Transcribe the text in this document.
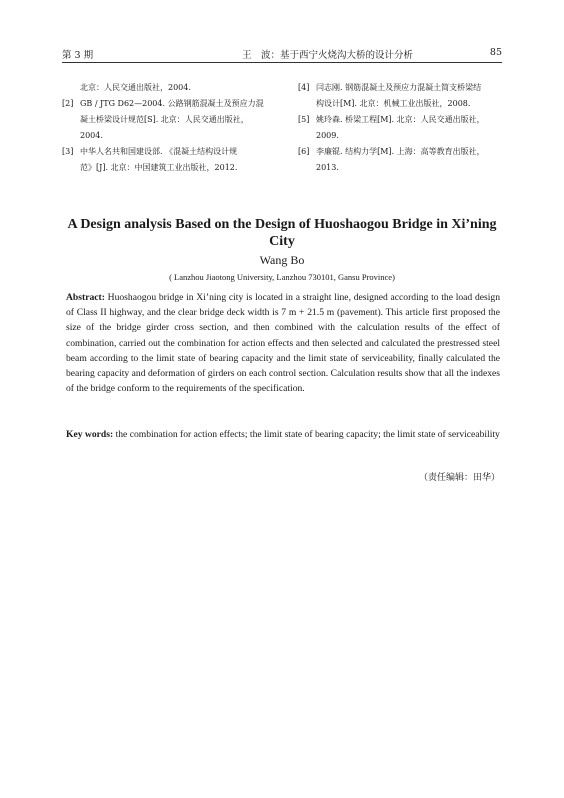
第 3 期	王　波：基于西宁火烧沟大桥的设计分析	85

北京：人民交通出版社，2004.

[2] GB / JTG D62—2004. 公路钢筋混凝土及预应力混

凝土桥梁设计规范[S]. 北京：人民交通出版社，

2004.

[3] 中华人名共和国建设部. 《混凝土结构设计规

范》[J]. 北京：中国建筑工业出版社，2012.

[4] 闫志刚. 钢筋混凝土及预应力混凝土简支桥梁结

构设计[M]. 北京：机械工业出版社，2008.

[5] 姚玲森. 桥梁工程[M]. 北京：人民交通出版社，

2009.

[6] 李廉锟. 结构力学[M]. 上海：高等教育出版社，

2013.

A Design analysis Based on the Design of Huoshaogou Bridge in Xi’ning City

Wang Bo

( Lanzhou Jiaotong University, Lanzhou 730101, Gansu Province)

Abstract: Huoshaogou bridge in Xi’ning city is located in a straight line, designed according to the load design of Class II highway, and the clear bridge deck width is 7 m + 21.5 m (pavement). This article first proposed the size of the bridge girder cross section, and then combined with the calculation results of the effect of combination, carried out the combination for action effects and then selected and calculated the prestressed steel beam according to the limit state of bearing capacity and the limit state of serviceability, finally calculated the bearing capacity and deformation of girders on each control section. Calculation results show that all the indexes of the bridge conform to the requirements of the specification.

Key words: the combination for action effects; the limit state of bearing capacity; the limit state of serviceability

（责任编辑：田华）
